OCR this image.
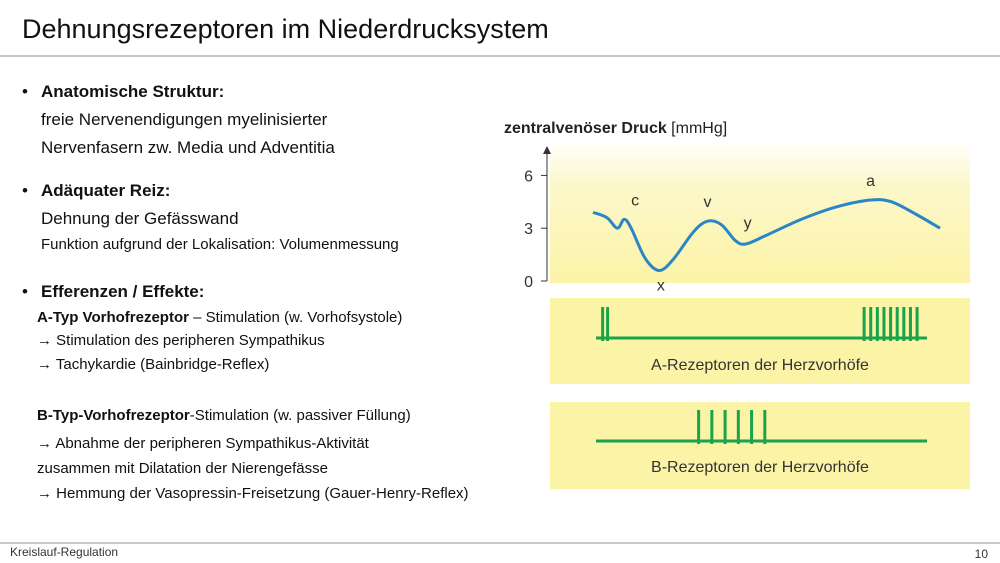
Dehnungsrezeptoren im Niederdrucksystem
• Anatomische Struktur:
freie Nervenendigungen myelinisierter
Nervenfasern zw. Media und Adventitia
• Adäquater Reiz:
Dehnung der Gefässwand
Funktion aufgrund der Lokalisation: Volumenmessung
• Efferenzen / Effekte:
A-Typ Vorhofrezeptor – Stimulation (w. Vorhofsystole)
→ Stimulation des peripheren Sympathikus
→ Tachykardie (Bainbridge-Reflex)
B-Typ-Vorhofrezeptor-Stimulation (w. passiver Füllung)
→ Abnahme der peripheren Sympathikus-Aktivität
zusammen mit Dilatation der Nierengefässe
→ Hemmung der Vasopressin-Freisetzung (Gauer-Henry-Reflex)
zentralvenöser Druck [mmHg]
0
3
6
c
x
v
y
a
A-Rezeptoren der Herzvorhöfe
B-Rezeptoren der Herzvorhöfe
Kreislauf-Regulation	10
